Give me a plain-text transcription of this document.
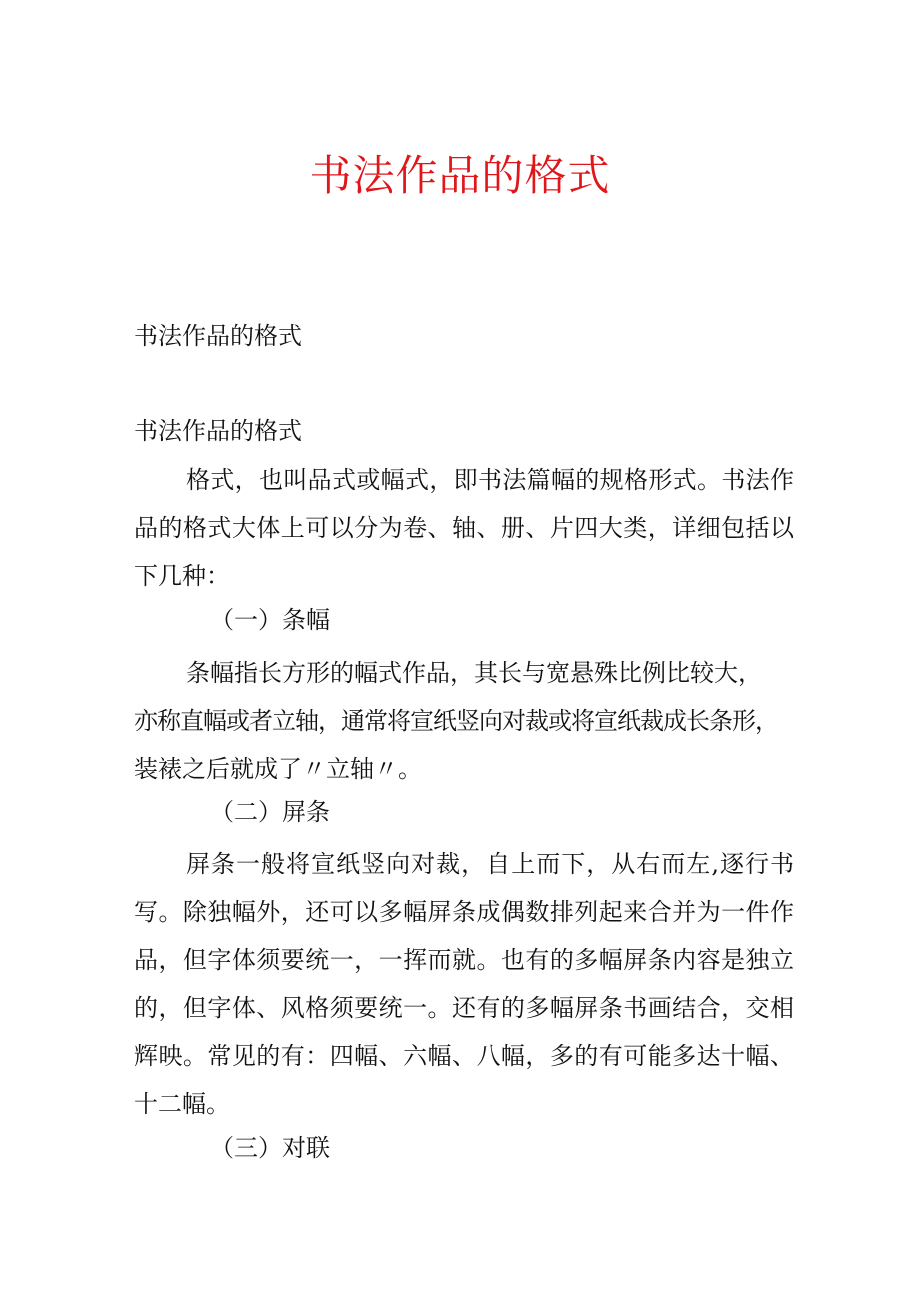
书法作品的格式
书法作品的格式
书法作品的格式

格式，也叫品式或幅式，即书法篇幅的规格形式。书法作品的格式大体上可以分为卷、轴、册、片四大类，详细包括以下几种：

（一）条幅
条幅指长方形的幅式作品，其长与宽悬殊比例比较大，
亦称直幅或者立轴，通常将宣纸竖向对裁或将宣纸裁成长条形，
装裱之后就成了〃立轴〃。
（二）屏条

屏条一般将宣纸竖向对裁，自上而下，从右而左,逐行书写。除独幅外，还可以多幅屏条成偶数排列起来合并为一件作品，但字体须要统一，一挥而就。也有的多幅屏条内容是独立的，但字体、风格须要统一。还有的多幅屏条书画结合，交相辉映。常见的有：四幅、六幅、八幅，多的有可能多达十幅、十二幅。

（三）对联
